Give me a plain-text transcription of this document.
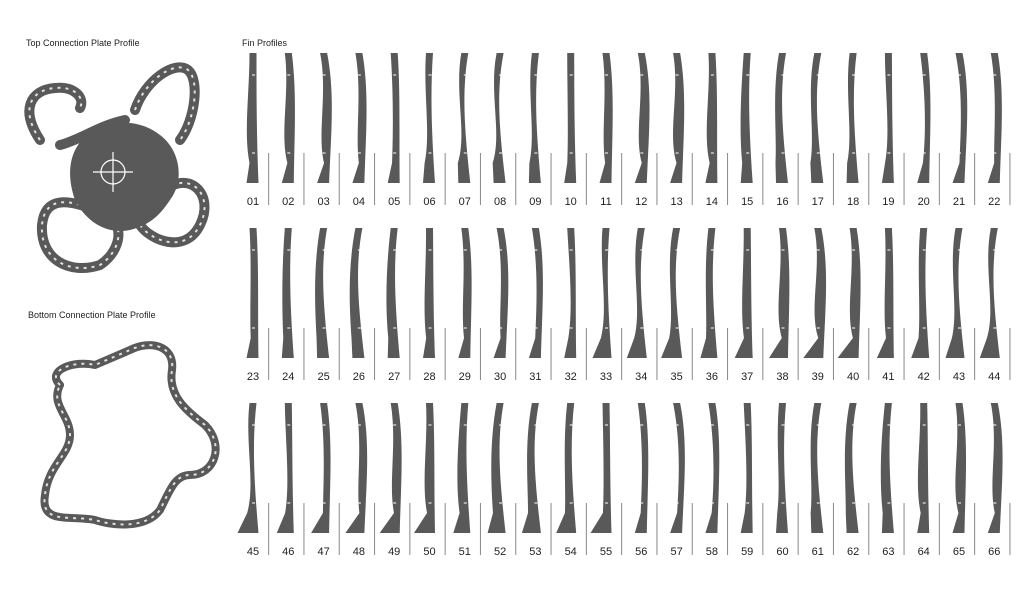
Top Connection Plate Profile
Bottom Connection Plate Profile
Fin Profiles
01 02 03 04 05 06 07 08 09 10 11 12 13 14 15 16 17 18 19 20 21 22
23 24 25 26 27 28 29 30 31 32 33 34 35 36 37 38 39 40 41 42 43 44
45 46 47 48 49 50 51 52 53 54 55 56 57 58 59 60 61 62 63 64 65 66
